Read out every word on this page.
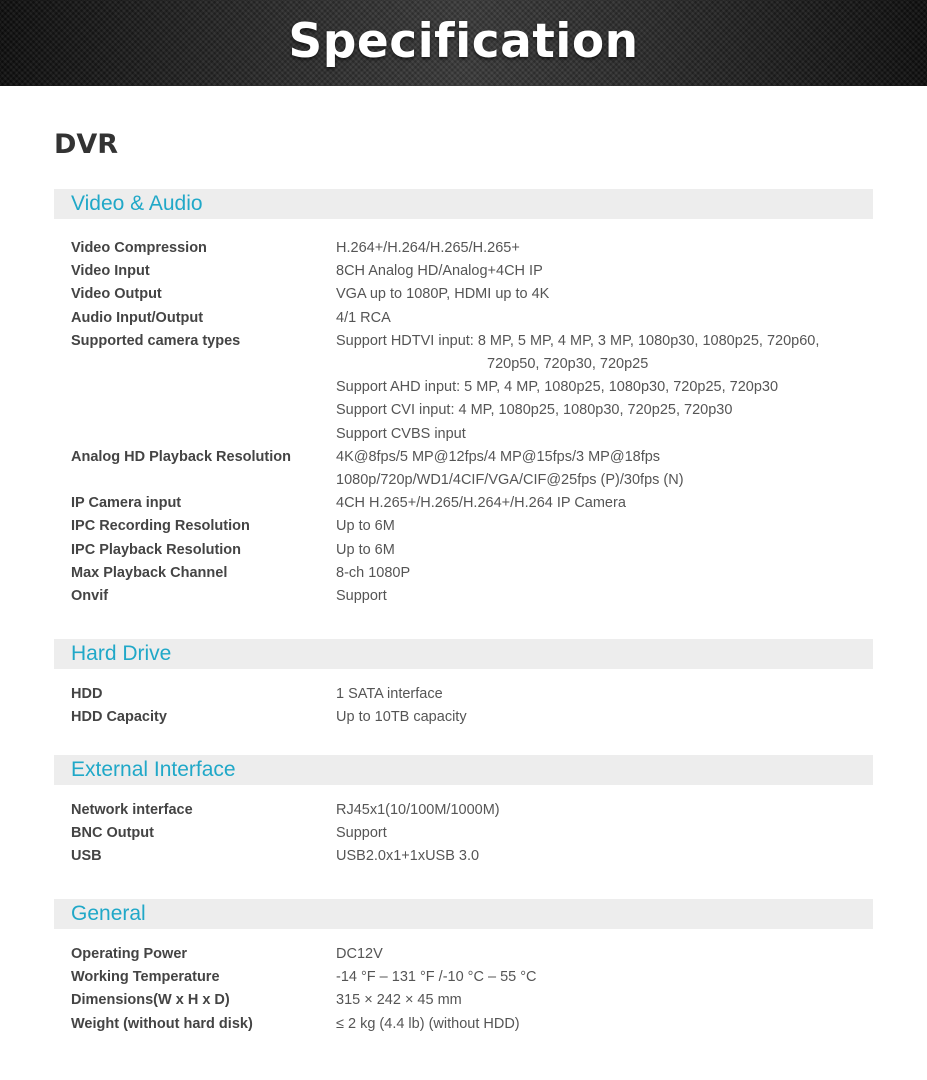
Specification
DVR
Video & Audio
Video Compression	H.264+/H.264/H.265/H.265+
Video Input	8CH Analog HD/Analog+4CH IP
Video Output	VGA up to 1080P, HDMI up to 4K
Audio Input/Output	4/1 RCA
Supported camera types	Support HDTVI input: 8 MP, 5 MP, 4 MP, 3 MP, 1080p30, 1080p25, 720p60,
720p50, 720p30, 720p25
Support AHD input: 5 MP, 4 MP, 1080p25, 1080p30, 720p25, 720p30
Support CVI input: 4 MP, 1080p25, 1080p30, 720p25, 720p30
Support CVBS input
Analog HD Playback Resolution	4K@8fps/5 MP@12fps/4 MP@15fps/3 MP@18fps
1080p/720p/WD1/4CIF/VGA/CIF@25fps (P)/30fps (N)
IP Camera input	4CH H.265+/H.265/H.264+/H.264 IP Camera
IPC Recording Resolution	Up to 6M
IPC Playback Resolution	Up to 6M
Max Playback Channel	8-ch 1080P
Onvif	Support
Hard Drive
HDD	1 SATA interface
HDD Capacity	Up to 10TB capacity
External Interface
Network interface	RJ45x1(10/100M/1000M)
BNC Output	Support
USB	USB2.0x1+1xUSB 3.0
General
Operating Power	DC12V
Working Temperature	-14 °F – 131 °F /-10 °C – 55 °C
Dimensions(W x H x D)	315 × 242 × 45 mm
Weight (without hard disk)	≤ 2 kg (4.4 lb) (without HDD)
